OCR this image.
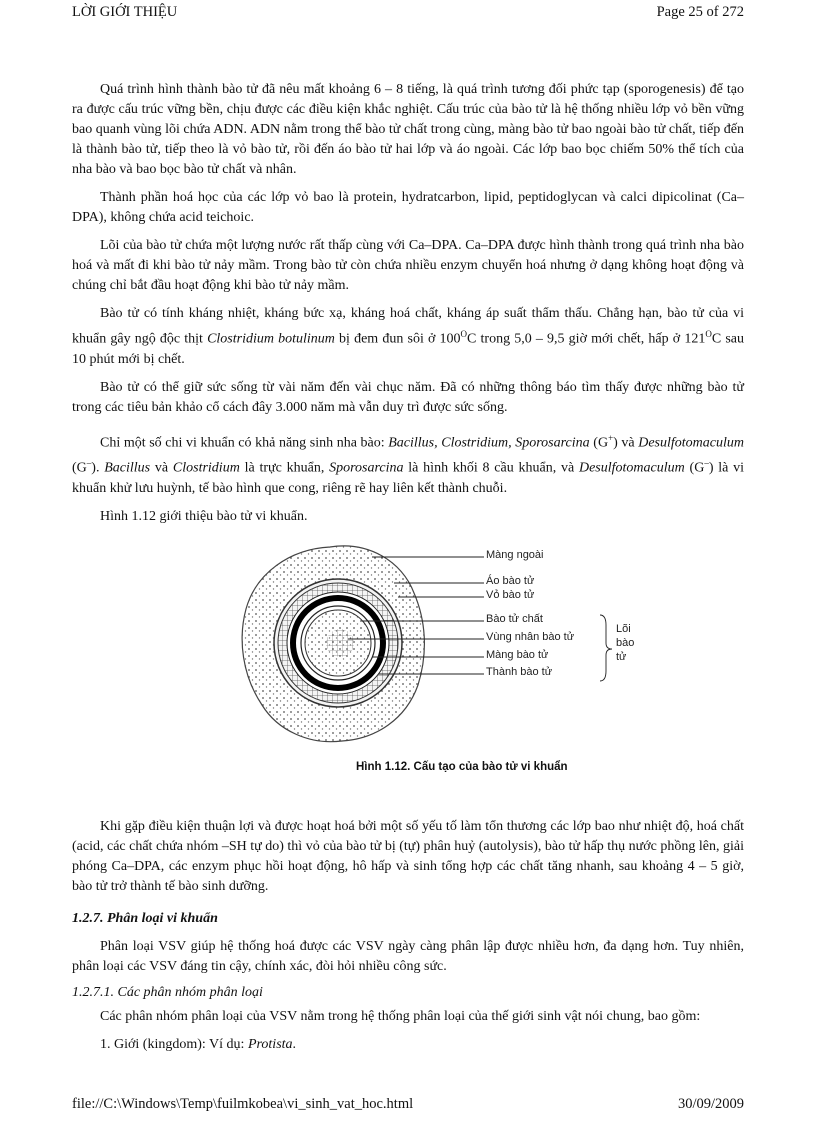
LỜI GIỚI THIỆU	Page 25 of 272

Quá trình hình thành bào tử đã nêu mất khoảng 6 – 8 tiếng, là quá trình tương đối phức tạp (sporogenesis) để tạo ra được cấu trúc vững bền, chịu được các điều kiện khắc nghiệt. Cấu trúc của bào tử là hệ thống nhiều lớp vỏ bền vững bao quanh vùng lõi chứa ADN. ADN nằm trong thể bào tử chất trong cùng, màng bào tử bao ngoài bào tử chất, tiếp đến là thành bào tử, tiếp theo là vỏ bào tử, rồi đến áo bào tử hai lớp và áo ngoài. Các lớp bao bọc chiếm 50% thể tích của nha bào và bao bọc bào tử chất và nhân.

Thành phần hoá học của các lớp vỏ bao là protein, hydratcarbon, lipid, peptidoglycan và calci dipicolinat (Ca–DPA), không chứa acid teichoic.

Lõi của bào tử chứa một lượng nước rất thấp cùng với Ca–DPA. Ca–DPA được hình thành trong quá trình nha bào hoá và mất đi khi bào tử nảy mầm. Trong bào tử còn chứa nhiều enzym chuyển hoá nhưng ở dạng không hoạt động và chúng chỉ bắt đầu hoạt động khi bào tử nảy mầm.

Bào tử có tính kháng nhiệt, kháng bức xạ, kháng hoá chất, kháng áp suất thẩm thấu. Chẳng hạn, bào tử của vi khuẩn gây ngộ độc thịt Clostridium botulinum bị đem đun sôi ở $100^OC$ trong 5,0 – 9,5 giờ mới chết, hấp ở $121^OC$ sau 10 phút mới bị chết.

Bào tử có thể giữ sức sống từ vài năm đến vài chục năm. Đã có những thông báo tìm thấy được những bào tử trong các tiêu bản khảo cổ cách đây 3.000 năm mà vẫn duy trì được sức sống.

Chỉ một số chi vi khuẩn có khả năng sinh nha bào: Bacillus, Clostridium, Sporosarcina (G+) và Desulfotomaculum (G–). Bacillus và Clostridium là trực khuẩn, Sporosarcina là hình khối 8 cầu khuẩn, và Desulfotomaculum (G–) là vi khuẩn khử lưu huỳnh, tế bào hình que cong, riêng rẽ hay liên kết thành chuỗi.

Hình 1.12 giới thiệu bào tử vi khuẩn.

Màng ngoài
Áo bào tử
Vỏ bào tử
Bào tử chất
Vùng nhân bào tử
Màng bào tử
Thành bào tử
Lõi
bào
tử
Hình 1.12. Cấu tạo của bào tử vi khuẩn

Khi gặp điều kiện thuận lợi và được hoạt hoá bởi một số yếu tố làm tổn thương các lớp bao như nhiệt độ, hoá chất (acid, các chất chứa nhóm –SH tự do) thì vỏ của bào tử bị (tự) phân huỷ (autolysis), bào tử hấp thụ nước phồng lên, giải phóng Ca–DPA, các enzym phục hồi hoạt động, hô hấp và sinh tổng hợp các chất tăng nhanh, sau khoảng 4 – 5 giờ, bào tử trở thành tế bào sinh dưỡng.

1.2.7. Phân loại vi khuẩn

Phân loại VSV giúp hệ thống hoá được các VSV ngày càng phân lập được nhiều hơn, đa dạng hơn. Tuy nhiên, phân loại các VSV đáng tin cậy, chính xác, đòi hỏi nhiều công sức.

1.2.7.1. Các phân nhóm phân loại

Các phân nhóm phân loại của VSV nằm trong hệ thống phân loại của thế giới sinh vật nói chung, bao gồm:

1. Giới (kingdom): Ví dụ: Protista.

file://C:\Windows\Temp\fuilmkobea\vi_sinh_vat_hoc.html	30/09/2009
